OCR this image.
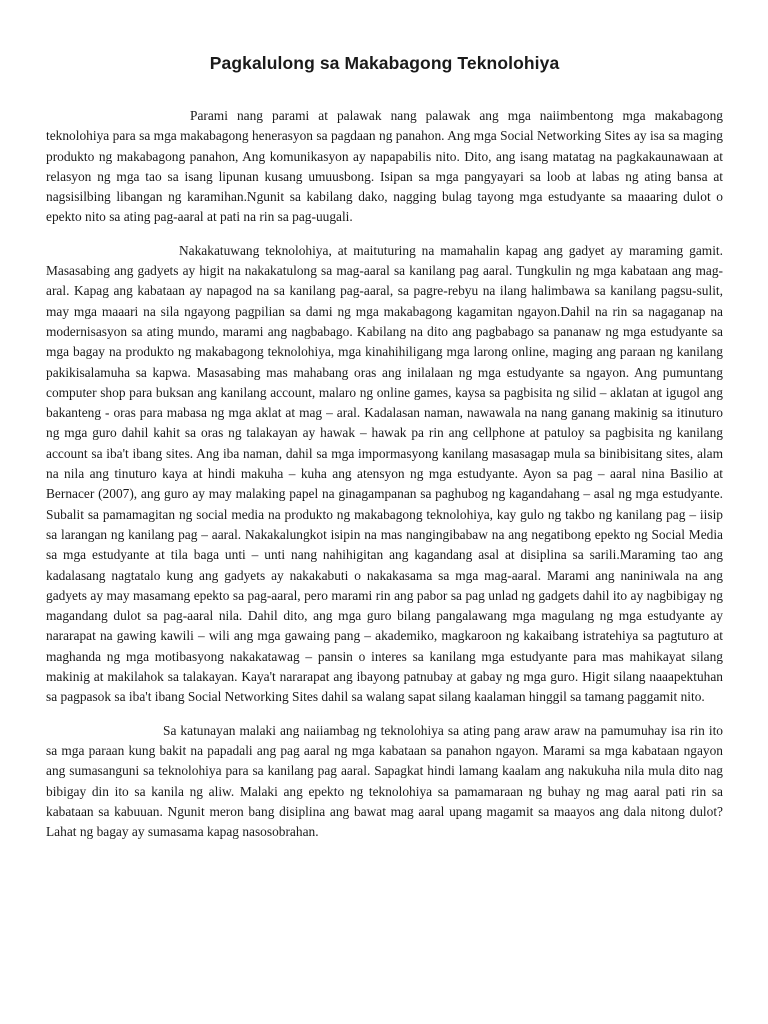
Pagkalulong sa Makabagong Teknolohiya

Parami nang parami at palawak nang palawak ang mga naiimbentong mga makabagong teknolohiya para sa mga makabagong henerasyon sa pagdaan ng panahon. Ang mga Social Networking Sites ay isa sa maging produkto ng makabagong panahon, Ang komunikasyon ay napapabilis nito. Dito, ang isang matatag na pagkakaunawaan at relasyon ng mga tao sa isang lipunan kusang umuusbong. Isipan sa mga pangyayari sa loob at labas ng ating bansa at nagsisilbing libangan ng karamihan.Ngunit sa kabilang dako, nagging bulag tayong mga estudyante sa maaaring dulot o epekto nito sa ating pag-aaral at pati na rin sa pag-uugali.

Nakakatuwang teknolohiya, at maituturing na mamahalin kapag ang gadyet ay maraming gamit. Masasabing ang gadyets ay higit na nakakatulong sa mag-aaral sa kanilang pag aaral. Tungkulin ng mga kabataan ang mag-aral. Kapag ang kabataan ay napagod na sa kanilang pag-aaral, sa pagre-rebyu na ilang halimbawa sa kanilang pagsu-sulit, may mga maaari na sila ngayong pagpilian sa dami ng mga makabagong kagamitan ngayon.Dahil na rin sa nagaganap na modernisasyon sa ating mundo, marami ang nagbabago. Kabilang na dito ang pagbabago sa pananaw ng mga estudyante sa mga bagay na produkto ng makabagong teknolohiya, mga kinahihiligang mga larong online, maging ang paraan ng kanilang pakikisalamuha sa kapwa. Masasabing mas mahabang oras ang inilalaan ng mga estudyante sa ngayon. Ang pumuntang computer shop para buksan ang kanilang account, malaro ng online games, kaysa sa pagbisita ng silid – aklatan at igugol ang bakanteng - oras para mabasa ng mga aklat at mag – aral. Kadalasan naman, nawawala na nang ganang makinig sa itinuturo ng mga guro dahil kahit sa oras ng talakayan ay hawak – hawak pa rin ang cellphone at patuloy sa pagbisita ng kanilang account sa iba't ibang sites. Ang iba naman, dahil sa mga impormasyong kanilang masasagap mula sa binibisitang sites, alam na nila ang tinuturo kaya at hindi makuha – kuha ang atensyon ng mga estudyante. Ayon sa pag – aaral nina Basilio at Bernacer (2007), ang guro ay may malaking papel na ginagampanan sa paghubog ng kagandahang – asal ng mga estudyante. Subalit sa pamamagitan ng social media na produkto ng makabagong teknolohiya, kay gulo ng takbo ng kanilang pag – iisip sa larangan ng kanilang pag – aaral. Nakakalungkot isipin na mas nangingibabaw na ang negatibong epekto ng Social Media sa mga estudyante at tila baga unti – unti nang nahihigitan ang kagandang asal at disiplina sa sarili.Maraming tao ang kadalasang nagtatalo kung ang gadyets ay nakakabuti o nakakasama sa mga mag-aaral. Marami ang naniniwala na ang gadyets ay may masamang epekto sa pag-aaral, pero marami rin ang pabor sa pag unlad ng gadgets dahil ito ay nagbibigay ng magandang dulot sa pag-aaral nila. Dahil dito, ang mga guro bilang pangalawang mga magulang ng mga estudyante ay nararapat na gawing kawili – wili ang mga gawaing pang – akademiko, magkaroon ng kakaibang istratehiya sa pagtuturo at maghanda ng mga motibasyong nakakatawag – pansin o interes sa kanilang mga estudyante para mas mahikayat silang makinig at makilahok sa talakayan. Kaya't nararapat ang ibayong patnubay at gabay ng mga guro. Higit silang naaapektuhan sa pagpasok sa iba't ibang Social Networking Sites dahil sa walang sapat silang kaalaman hinggil sa tamang paggamit nito.

Sa katunayan malaki ang naiiambag ng teknolohiya sa ating pang araw araw na pamumuhay isa rin ito sa mga paraan kung bakit na papadali ang pag aaral ng mga kabataan sa panahon ngayon. Marami sa mga kabataan ngayon ang sumasanguni sa teknolohiya para sa kanilang pag aaral. Sapagkat hindi lamang kaalam ang nakukuha nila mula dito nag bibigay din ito sa kanila ng aliw. Malaki ang epekto ng teknolohiya sa pamamaraan ng buhay ng mag aaral pati rin sa kabataan sa kabuuan. Ngunit meron bang disiplina ang bawat mag aaral upang magamit sa maayos ang dala nitong dulot? Lahat ng bagay ay sumasama kapag nasosobrahan.
